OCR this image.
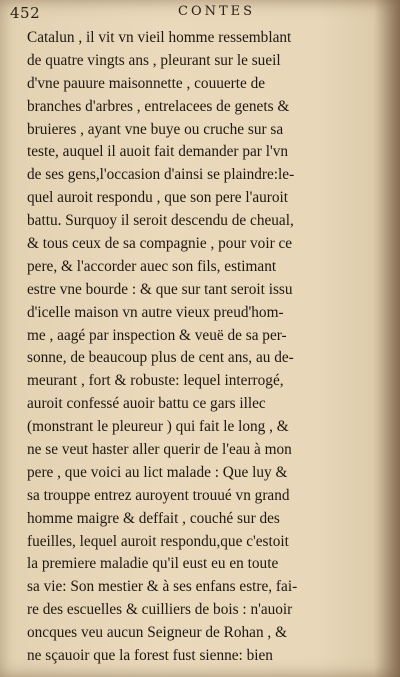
452	CONTES
Catalun , il vit vn vieil homme ressemblant
de quatre vingts ans , pleurant sur le sueil
d'vne pauure maisonnette , couuerte de
branches d'arbres , entrelacees de genets &
bruieres , ayant vne buye ou cruche sur sa
teste, auquel il auoit fait demander par l'vn
de ses gens,l'occasion d'ainsi se plaindre:le-
quel auroit respondu , que son pere l'auroit
battu. Surquoy il seroit descendu de cheual,
& tous ceux de sa compagnie , pour voir ce
pere, & l'accorder auec son fils, estimant
estre vne bourde : & que sur tant seroit issu
d'icelle maison vn autre vieux preud'hom-
me , aagé par inspection & veuë de sa per-
sonne, de beaucoup plus de cent ans, au de-
meurant , fort & robuste: lequel interrogé,
auroit confessé auoir battu ce gars illec
(monstrant le pleureur ) qui fait le long , &
ne se veut haster aller querir de l'eau à mon
pere , que voici au lict malade : Que luy &
sa trouppe entrez auroyent trouué vn grand
homme maigre & deffait , couché sur des
fueilles, lequel auroit respondu,que c'estoit
la premiere maladie qu'il eust eu en toute
sa vie: Son mestier & à ses enfans estre, fai-
re des escuelles & cuilliers de bois : n'auoir
oncques veu aucun Seigneur de Rohan , &
ne sçauoir que la forest fust sienne: bien
